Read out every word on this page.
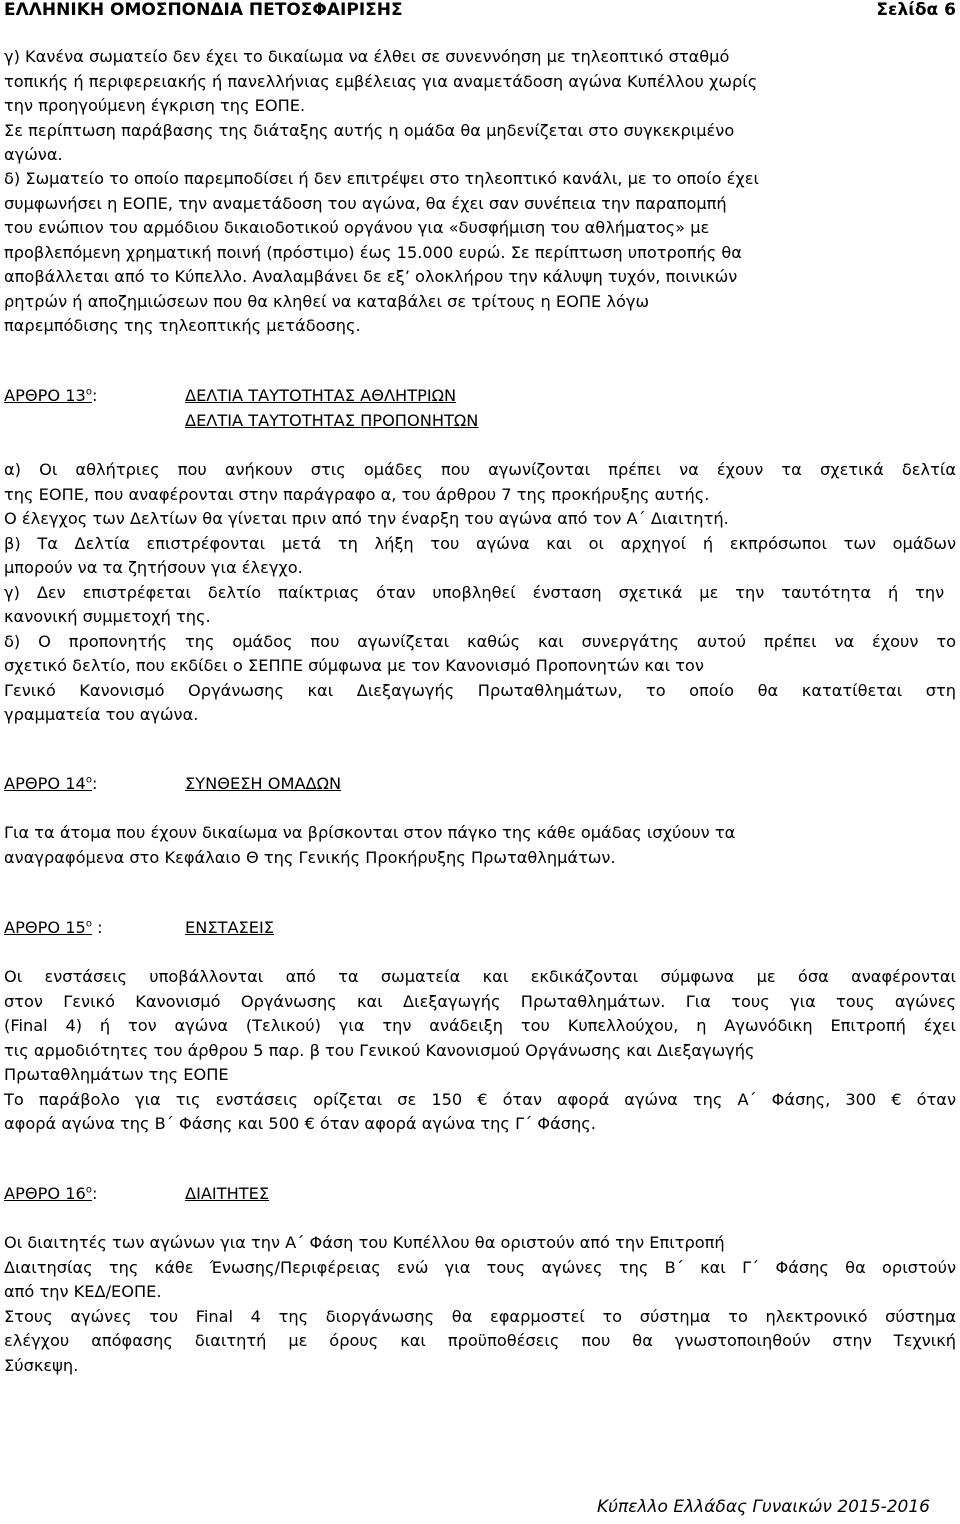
ΕΛΛΗΝΙΚΗ ΟΜΟΣΠΟΝΔΙΑ ΠΕΤΟΣΦΑΙΡΙΣΗΣ	Σελίδα 6
γ) Κανένα σωματείο δεν έχει το δικαίωμα να έλθει σε συνεννόηση με τηλεοπτικό σταθμό
τοπικής ή περιφερειακής ή πανελλήνιας εμβέλειας για αναμετάδοση αγώνα Κυπέλλου χωρίς
την προηγούμενη έγκριση της ΕΟΠΕ.
Σε περίπτωση παράβασης της διάταξης αυτής η ομάδα θα μηδενίζεται στο συγκεκριμένο
αγώνα.
δ) Σωματείο το οποίο παρεμποδίσει ή δεν επιτρέψει στο τηλεοπτικό κανάλι, με το οποίο έχει
συμφωνήσει η ΕΟΠΕ, την αναμετάδοση του αγώνα, θα έχει σαν συνέπεια την παραπομπή
του ενώπιον του αρμόδιου δικαιοδοτικού οργάνου για «δυσφήμιση του αθλήματος» με
προβλεπόμενη χρηματική ποινή (πρόστιμο) έως 15.000 ευρώ. Σε περίπτωση υποτροπής θα
αποβάλλεται από το Κύπελλο. Αναλαμβάνει δε εξ’ ολοκλήρου την κάλυψη τυχόν, ποινικών
ρητρών ή αποζημιώσεων που θα κληθεί να καταβάλει σε τρίτους η ΕΟΠΕ λόγω
παρεμπόδισης της τηλεοπτικής μετάδοσης.
ΑΡΘΡΟ $13^o$:	ΔΕΛΤΙΑ ΤΑΥΤΟΤΗΤΑΣ ΑΘΛΗΤΡΙΩΝ
ΔΕΛΤΙΑ ΤΑΥΤΟΤΗΤΑΣ ΠΡΟΠΟΝΗΤΩΝ
α) Οι αθλήτριες που ανήκουν στις ομάδες που αγωνίζονται πρέπει να έχουν τα σχετικά δελτία
της ΕΟΠΕ, που αναφέρονται στην παράγραφο α, του άρθρου 7 της προκήρυξης αυτής.
Ο έλεγχος των Δελτίων θα γίνεται πριν από την έναρξη του αγώνα από τον Α΄ Διαιτητή.
β) Τα Δελτία επιστρέφονται μετά τη λήξη του αγώνα και οι αρχηγοί ή εκπρόσωποι των ομάδων
μπορούν να τα ζητήσουν για έλεγχο.
γ) Δεν επιστρέφεται δελτίο παίκτριας όταν υποβληθεί ένσταση σχετικά με την ταυτότητα ή την
κανονική συμμετοχή της.
δ) Ο προπονητής της ομάδος που αγωνίζεται καθώς και συνεργάτης αυτού πρέπει να έχουν το
σχετικό δελτίο, που εκδίδει ο ΣΕΠΠΕ σύμφωνα με τον Κανονισμό Προπονητών και τον
Γενικό Κανονισμό Οργάνωσης και Διεξαγωγής Πρωταθλημάτων, το οποίο θα κατατίθεται στη
γραμματεία του αγώνα.
ΑΡΘΡΟ $14^o$:	ΣΥΝΘΕΣΗ ΟΜΑΔΩΝ
Για τα άτομα που έχουν δικαίωμα να βρίσκονται στον πάγκο της κάθε ομάδας ισχύουν τα
αναγραφόμενα στο Κεφάλαιο Θ της Γενικής Προκήρυξης Πρωταθλημάτων.
ΑΡΘΡΟ $15^o$ :	ΕΝΣΤΑΣΕΙΣ
Οι ενστάσεις υποβάλλονται από τα σωματεία και εκδικάζονται σύμφωνα με όσα αναφέρονται
στον Γενικό Κανονισμό Οργάνωσης και Διεξαγωγής Πρωταθλημάτων. Για τους για τους αγώνες
(Final 4) ή τον αγώνα (Τελικού) για την ανάδειξη του Κυπελλούχου, η Αγωνόδικη Επιτροπή έχει
τις αρμοδιότητες του άρθρου 5 παρ. β του Γενικού Κανονισμού Οργάνωσης και Διεξαγωγής
Πρωταθλημάτων της ΕΟΠΕ
Το παράβολο για τις ενστάσεις ορίζεται σε 150 € όταν αφορά αγώνα της Α΄ Φάσης, 300 € όταν
αφορά αγώνα της Β΄ Φάσης και 500 € όταν αφορά αγώνα της Γ΄ Φάσης.
ΑΡΘΡΟ $16^o$:	ΔΙΑΙΤΗΤΕΣ
Οι διαιτητές των αγώνων για την Α΄ Φάση του Κυπέλλου θα οριστούν από την Επιτροπή
Διαιτησίας της κάθε Ένωσης/Περιφέρειας ενώ για τους αγώνες της Β΄ και Γ΄ Φάσης θα οριστούν
από την ΚΕΔ/ΕΟΠΕ.
Στους αγώνες του Final 4 της διοργάνωσης θα εφαρμοστεί το σύστημα το ηλεκτρονικό σύστημα
ελέγχου απόφασης διαιτητή με όρους και προϋποθέσεις που θα γνωστοποιηθούν στην Τεχνική
Σύσκεψη.
Κύπελλο Ελλάδας Γυναικών 2015-2016
